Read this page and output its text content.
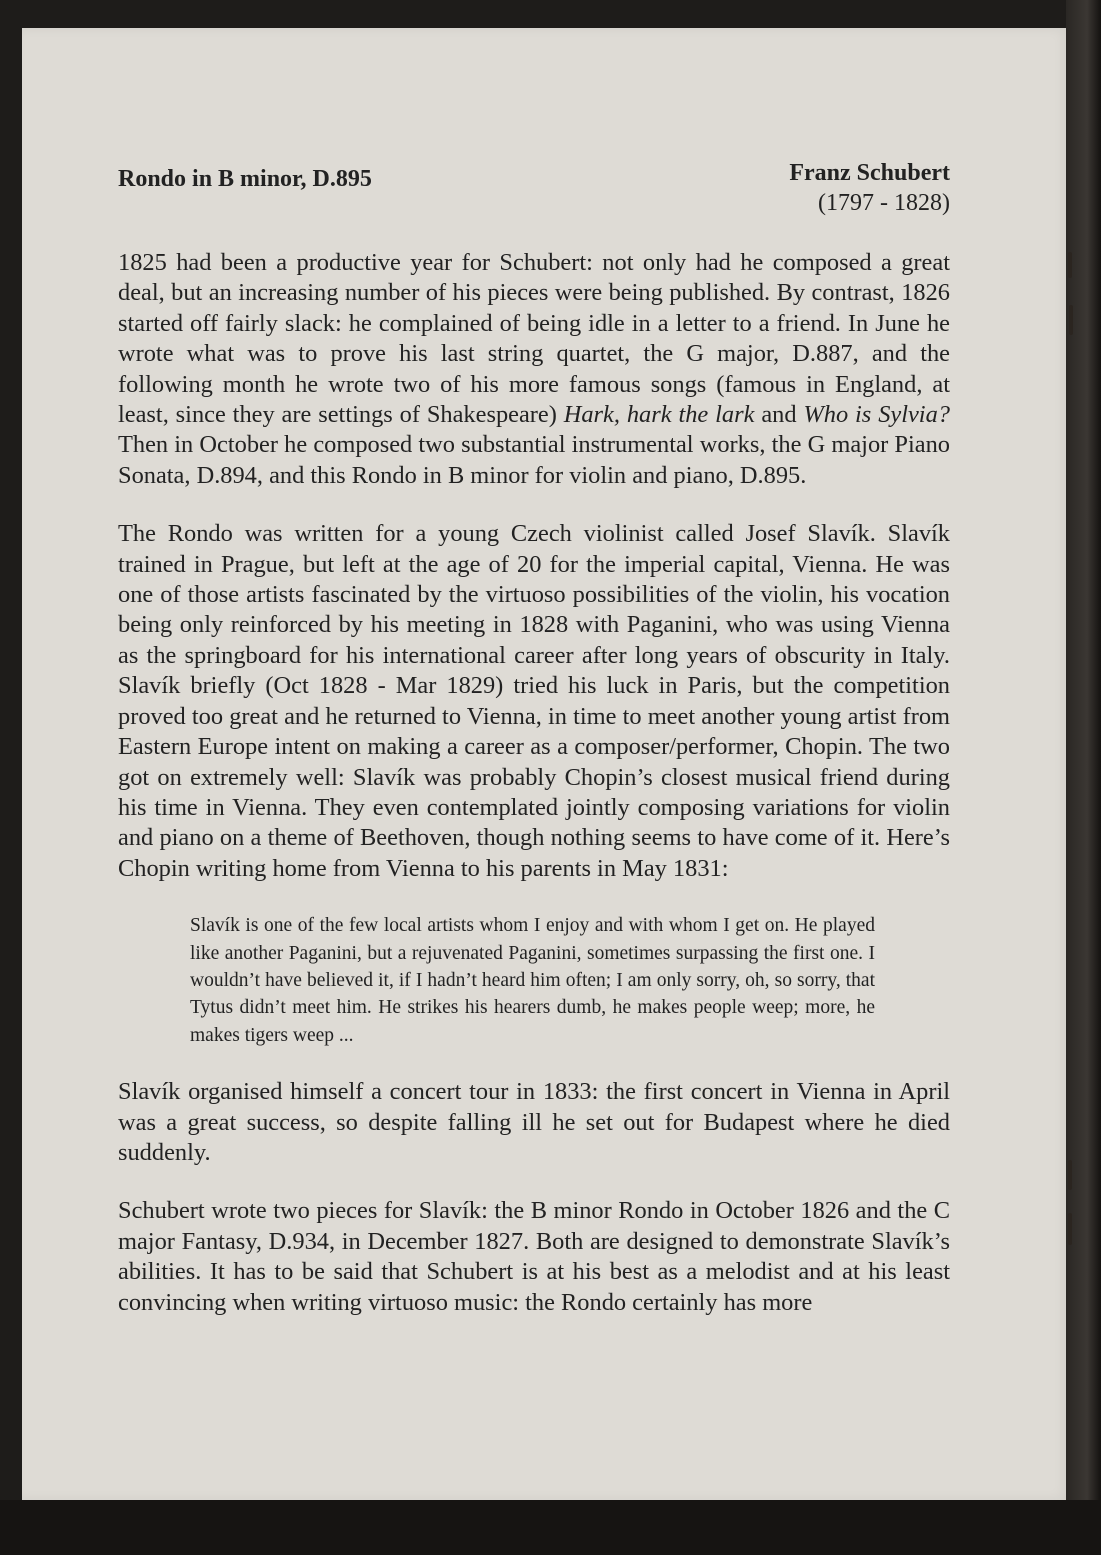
Rondo in B minor, D.895	Franz Schubert
(1797 - 1828)

1825 had been a productive year for Schubert: not only had he composed a great deal, but an increasing number of his pieces were being published. By contrast, 1826 started off fairly slack: he complained of being idle in a letter to a friend. In June he wrote what was to prove his last string quartet, the G major, D.887, and the following month he wrote two of his more famous songs (famous in England, at least, since they are settings of Shakespeare) Hark, hark the lark and Who is Sylvia? Then in October he composed two substantial instrumental works, the G major Piano Sonata, D.894, and this Rondo in B minor for violin and piano, D.895.

The Rondo was written for a young Czech violinist called Josef Slavík. Slavík trained in Prague, but left at the age of 20 for the imperial capital, Vienna. He was one of those artists fascinated by the virtuoso possibilities of the violin, his vocation being only reinforced by his meeting in 1828 with Paganini, who was using Vienna as the springboard for his international career after long years of obscurity in Italy. Slavík briefly (Oct 1828 - Mar 1829) tried his luck in Paris, but the competition proved too great and he returned to Vienna, in time to meet another young artist from Eastern Europe intent on making a career as a composer/performer, Chopin. The two got on extremely well: Slavík was probably Chopin’s closest musical friend during his time in Vienna. They even contemplated jointly composing variations for violin and piano on a theme of Beethoven, though nothing seems to have come of it. Here’s Chopin writing home from Vienna to his parents in May 1831:

Slavík is one of the few local artists whom I enjoy and with whom I get on. He played like another Paganini, but a rejuvenated Paganini, sometimes surpassing the first one. I wouldn’t have believed it, if I hadn’t heard him often; I am only sorry, oh, so sorry, that Tytus didn’t meet him. He strikes his hearers dumb, he makes people weep; more, he makes tigers weep ...

Slavík organised himself a concert tour in 1833: the first concert in Vienna in April was a great success, so despite falling ill he set out for Budapest where he died suddenly.

Schubert wrote two pieces for Slavík: the B minor Rondo in October 1826 and the C major Fantasy, D.934, in December 1827. Both are designed to demonstrate Slavík’s abilities. It has to be said that Schubert is at his best as a melodist and at his least convincing when writing virtuoso music: the Rondo certainly has more
